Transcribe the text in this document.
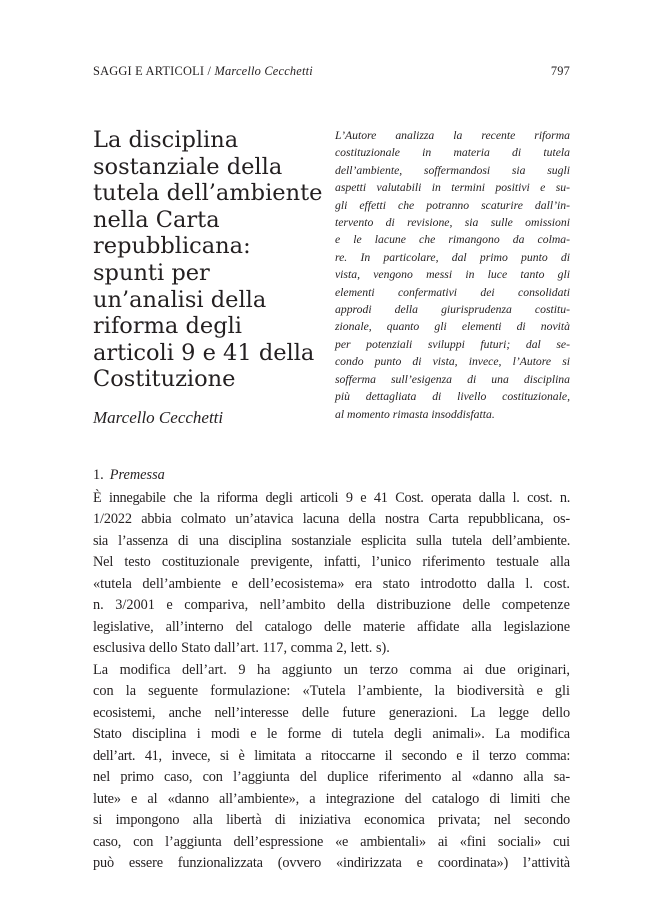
SAGGI E ARTICOLI / Marcello Cecchetti	797
La disciplina
sostanziale della
tutela dell’ambiente
nella Carta
repubblicana:
spunti per
un’analisi della
riforma degli
articoli 9 e 41 della
Costituzione
Marcello Cecchetti
L’Autore analizza la recente riforma
costituzionale in materia di tutela
dell’ambiente, soffermandosi sia sugli
aspetti valutabili in termini positivi e su-
gli effetti che potranno scaturire dall’in-
tervento di revisione, sia sulle omissioni
e le lacune che rimangono da colma-
re. In particolare, dal primo punto di
vista, vengono messi in luce tanto gli
elementi confermativi dei consolidati
approdi della giurisprudenza costitu-
zionale, quanto gli elementi di novità
per potenziali sviluppi futuri; dal se-
condo punto di vista, invece, l’Autore si
sofferma sull’esigenza di una disciplina
più dettagliata di livello costituzionale,
al momento rimasta insoddisfatta.
1. Premessa
È innegabile che la riforma degli articoli 9 e 41 Cost. operata dalla l. cost. n.
1/2022 abbia colmato un’atavica lacuna della nostra Carta repubblicana, os-
sia l’assenza di una disciplina sostanziale esplicita sulla tutela dell’ambiente.
Nel testo costituzionale previgente, infatti, l’unico riferimento testuale alla
«tutela dell’ambiente e dell’ecosistema» era stato introdotto dalla l. cost.
n. 3/2001 e compariva, nell’ambito della distribuzione delle competenze
legislative, all’interno del catalogo delle materie affidate alla legislazione
esclusiva dello Stato dall’art. 117, comma 2, lett. s).
La modifica dell’art. 9 ha aggiunto un terzo comma ai due originari,
con la seguente formulazione: «Tutela l’ambiente, la biodiversità e gli
ecosistemi, anche nell’interesse delle future generazioni. La legge dello
Stato disciplina i modi e le forme di tutela degli animali». La modifica
dell’art. 41, invece, si è limitata a ritoccarne il secondo e il terzo comma:
nel primo caso, con l’aggiunta del duplice riferimento al «danno alla sa-
lute» e al «danno all’ambiente», a integrazione del catalogo di limiti che
si impongono alla libertà di iniziativa economica privata; nel secondo
caso, con l’aggiunta dell’espressione «e ambientali» ai «fini sociali» cui
può essere funzionalizzata (ovvero «indirizzata e coordinata») l’attività
